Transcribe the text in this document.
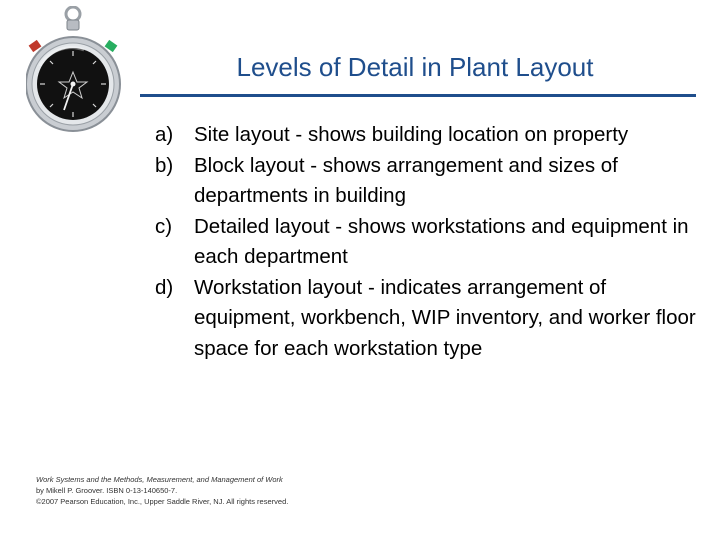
Levels of Detail in Plant Layout
a) Site layout - shows building location on property
b) Block layout - shows arrangement and sizes of departments in building
c) Detailed layout - shows workstations and equipment in each department
d) Workstation layout - indicates arrangement of equipment, workbench, WIP inventory, and worker floor space for each workstation type
Work Systems and the Methods, Measurement, and Management of Work
by Mikell P. Groover. ISBN 0-13-140650-7.
©2007 Pearson Education, Inc., Upper Saddle River, NJ. All rights reserved.
